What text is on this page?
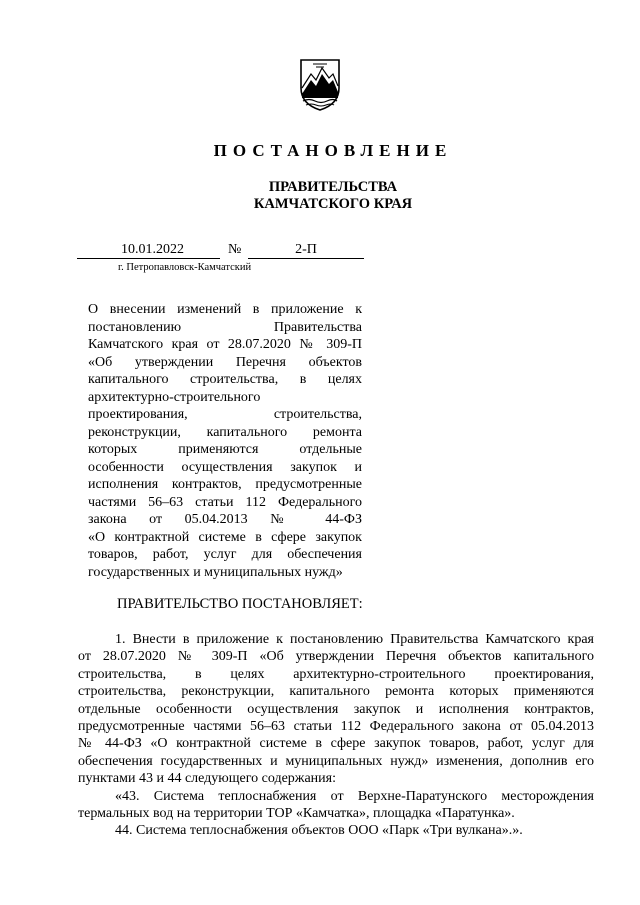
ПОСТАНОВЛЕНИЕ
ПРАВИТЕЛЬСТВА
КАМЧАТСКОГО КРАЯ
10.01.2022	№	2-П
г. Петропавловск-Камчатский
О внесении изменений в приложение к
постановлению Правительства
Камчатского края от 28.07.2020 № 309-П
«Об утверждении Перечня объектов
капитального строительства, в целях
архитектурно-строительного
проектирования, строительства,
реконструкции, капитального ремонта
которых применяются отдельные
особенности осуществления закупок и
исполнения контрактов, предусмотренные
частями 56–63 статьи 112 Федерального
закона от 05.04.2013 № 44-ФЗ
«О контрактной системе в сфере закупок
товаров, работ, услуг для обеспечения
государственных и муниципальных нужд»
ПРАВИТЕЛЬСТВО ПОСТАНОВЛЯЕТ:
1. Внести в приложение к постановлению Правительства Камчатского края
от 28.07.2020 № 309-П «Об утверждении Перечня объектов капитального
строительства, в целях архитектурно-строительного проектирования,
строительства, реконструкции, капитального ремонта которых применяются
отдельные особенности осуществления закупок и исполнения контрактов,
предусмотренные частями 56–63 статьи 112 Федерального закона от 05.04.2013
№ 44-ФЗ «О контрактной системе в сфере закупок товаров, работ, услуг для
обеспечения государственных и муниципальных нужд» изменения, дополнив его
пунктами 43 и 44 следующего содержания:
«43. Система теплоснабжения от Верхне-Паратунского месторождения
термальных вод на территории ТОР «Камчатка», площадка «Паратунка».
44. Система теплоснабжения объектов ООО «Парк «Три вулкана».».
